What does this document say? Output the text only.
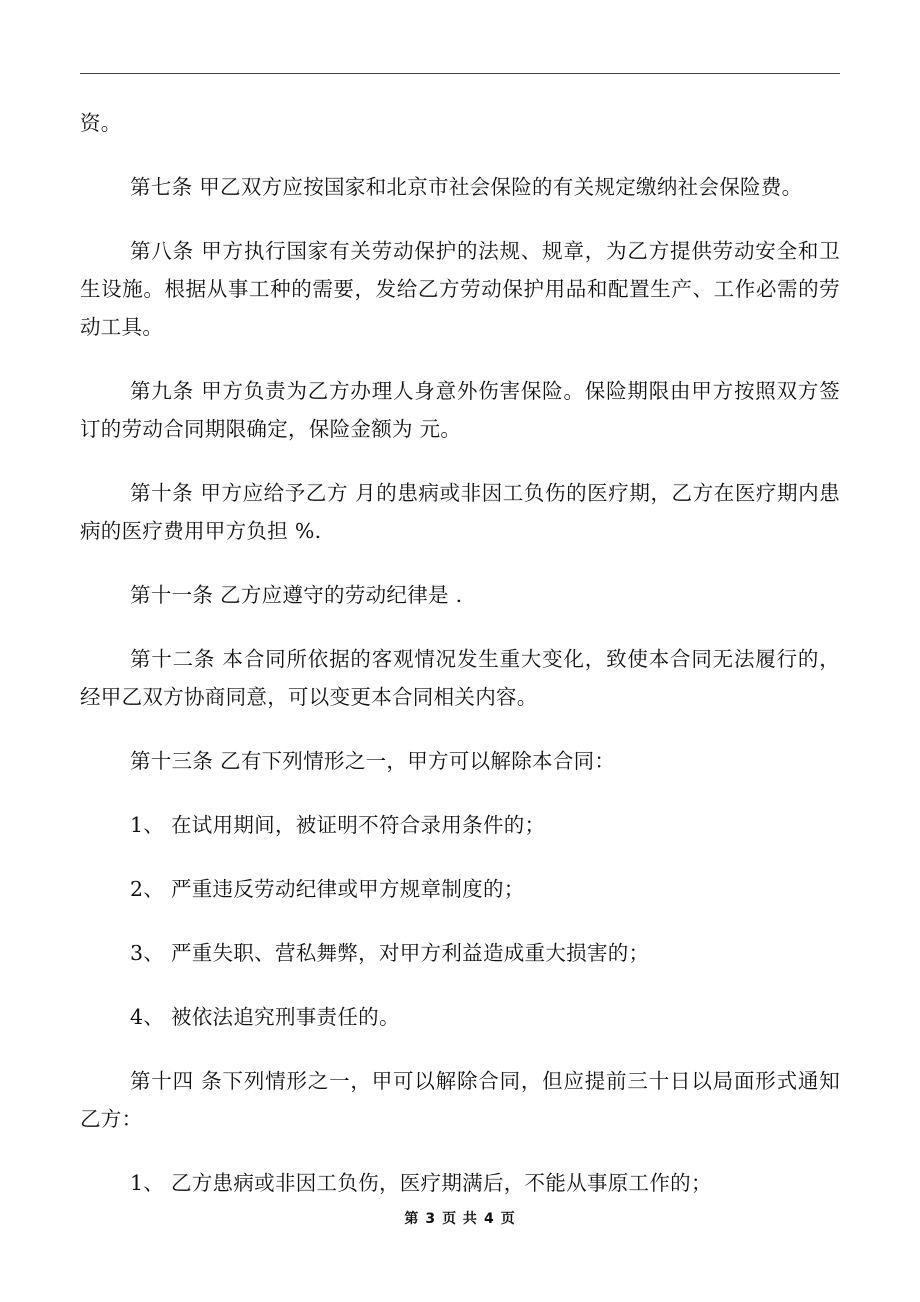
资。

第七条 甲乙双方应按国家和北京市社会保险的有关规定缴纳社会保险费。

第八条 甲方执行国家有关劳动保护的法规、规章，为乙方提供劳动安全和卫生设施。根据从事工种的需要，发给乙方劳动保护用品和配置生产、工作必需的劳动工具。

第九条 甲方负责为乙方办理人身意外伤害保险。保险期限由甲方按照双方签订的劳动合同期限确定，保险金额为 元。

第十条 甲方应给予乙方 月的患病或非因工负伤的医疗期，乙方在医疗期内患病的医疗费用甲方负担 %.

第十一条 乙方应遵守的劳动纪律是 .

第十二条 本合同所依据的客观情况发生重大变化，致使本合同无法履行的，经甲乙双方协商同意，可以变更本合同相关内容。

第十三条 乙有下列情形之一，甲方可以解除本合同：

1、 在试用期间，被证明不符合录用条件的；

2、 严重违反劳动纪律或甲方规章制度的；

3、 严重失职、营私舞弊，对甲方利益造成重大损害的；

4、 被依法追究刑事责任的。

第十四 条下列情形之一，甲可以解除合同，但应提前三十日以局面形式通知乙方：

1、 乙方患病或非因工负伤，医疗期满后，不能从事原工作的；

第 3 页 共 4 页
